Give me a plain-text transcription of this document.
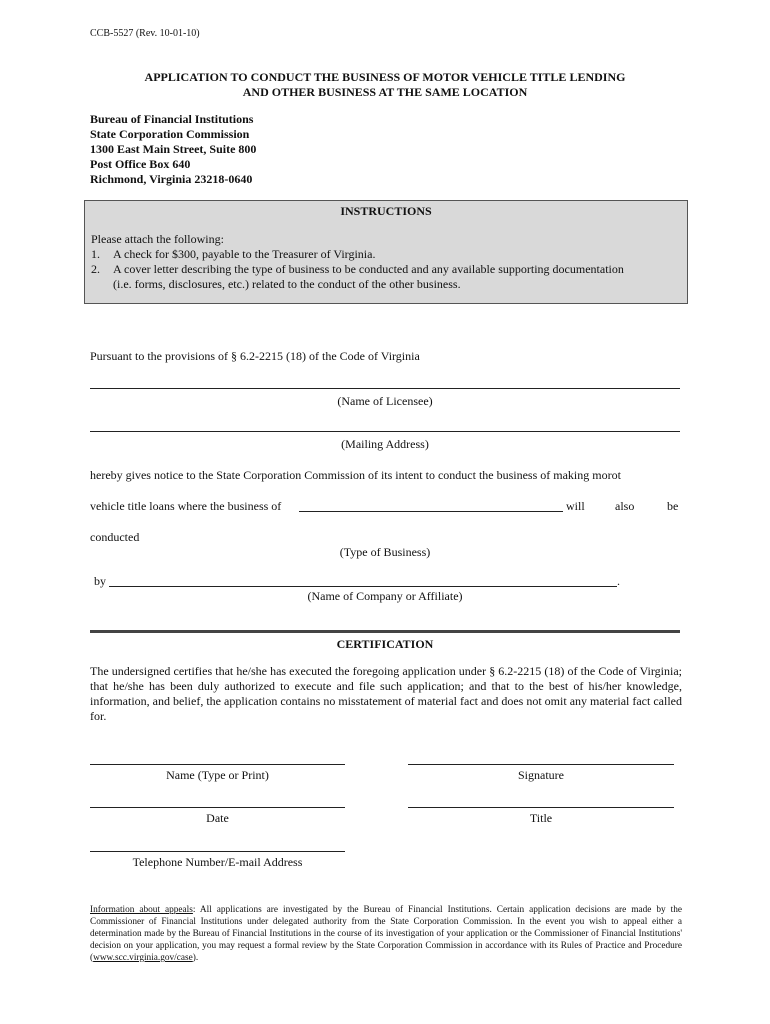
CCB-5527 (Rev. 10-01-10)
APPLICATION TO CONDUCT THE BUSINESS OF MOTOR VEHICLE TITLE LENDING
AND OTHER BUSINESS AT THE SAME LOCATION
Bureau of Financial Institutions
State Corporation Commission
1300 East Main Street, Suite 800
Post Office Box 640
Richmond, Virginia 23218-0640
INSTRUCTIONS
Please attach the following:
1.	A check for $300, payable to the Treasurer of Virginia.
2.	A cover letter describing the type of business to be conducted and any available supporting documentation
(i.e. forms, disclosures, etc.) related to the conduct of the other business.
Pursuant to the provisions of § 6.2-2215 (18) of the Code of Virginia
(Name of Licensee)
(Mailing Address)
hereby gives notice to the State Corporation Commission of its intent to conduct the business of making morot
vehicle title loans where the business of	will	also	be
conducted
(Type of Business)
by	.
(Name of Company or Affiliate)
CERTIFICATION
The undersigned certifies that he/she has executed the foregoing application under § 6.2-2215 (18) of the Code of Virginia; that he/she has been duly authorized to execute and file such application; and that to the best of his/her knowledge, information, and belief, the application contains no misstatement of material fact and does not omit any material fact called for.
Name (Type or Print)	Signature
Date	Title
Telephone Number/E-mail Address
Information about appeals: All applications are investigated by the Bureau of Financial Institutions. Certain application decisions are made by the Commissioner of Financial Institutions under delegated authority from the State Corporation Commission. In the event you wish to appeal either a determination made by the Bureau of Financial Institutions in the course of its investigation of your application or the Commissioner of Financial Institutions' decision on your application, you may request a formal review by the State Corporation Commission in accordance with its Rules of Practice and Procedure (www.scc.virginia.gov/case).
